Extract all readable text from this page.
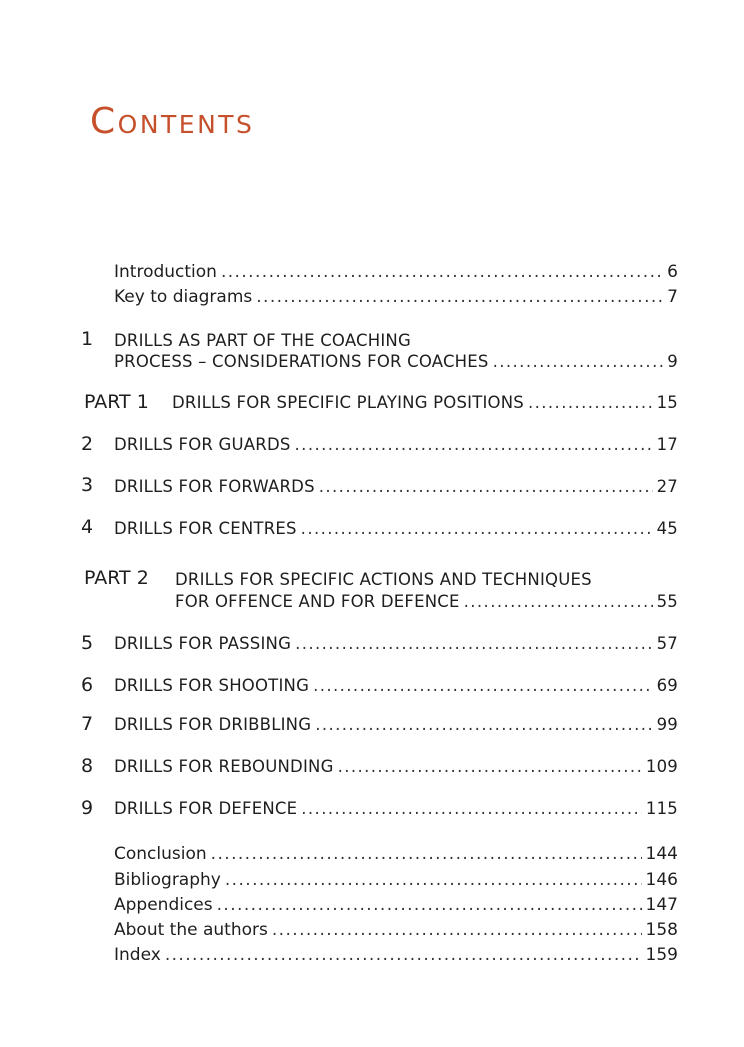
Contents
Introduction .....	6
Key to diagrams .....	7
1 DRILLS AS PART OF THE COACHING
PROCESS – CONSIDERATIONS FOR COACHES .....	9
PART 1 DRILLS FOR SPECIFIC PLAYING POSITIONS .....	15
2 DRILLS FOR GUARDS .....	17
3 DRILLS FOR FORWARDS .....	27
4 DRILLS FOR CENTRES .....	45
PART 2 DRILLS FOR SPECIFIC ACTIONS AND TECHNIQUES
FOR OFFENCE AND FOR DEFENCE .....	55
5 DRILLS FOR PASSING .....	57
6 DRILLS FOR SHOOTING .....	69
7 DRILLS FOR DRIBBLING .....	99
8 DRILLS FOR REBOUNDING .....	109
9 DRILLS FOR DEFENCE .....	115
Conclusion .....	144
Bibliography .....	146
Appendices .....	147
About the authors .....	158
Index .....	159
